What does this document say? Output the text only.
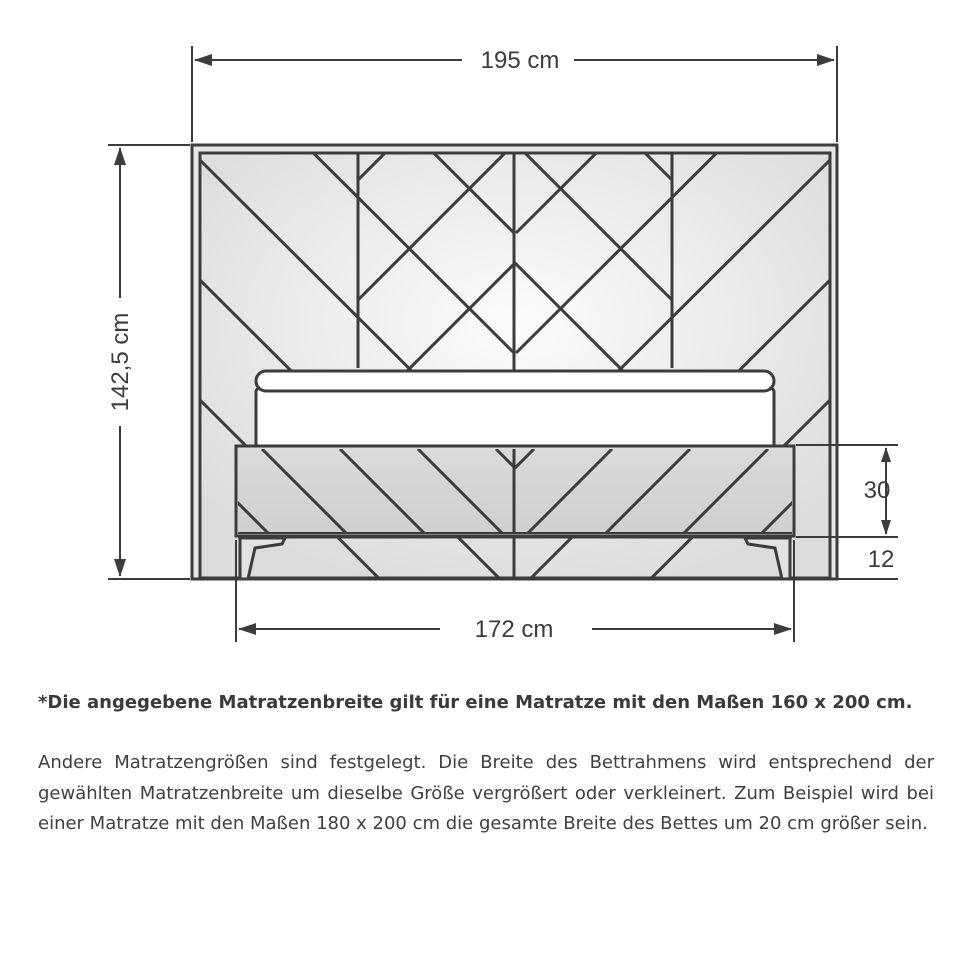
195 cm
142,5 cm
172 cm
30
12
*Die angegebene Matratzenbreite gilt für eine Matratze mit den Maßen 160 x 200 cm.

Andere Matratzengrößen sind festgelegt. Die Breite des Bettrahmens wird entsprechend der gewählten Matratzenbreite um dieselbe Größe vergrößert oder verkleinert. Zum Beispiel wird bei einer Matratze mit den Maßen 180 x 200 cm die gesamte Breite des Bettes um 20 cm größer sein.
